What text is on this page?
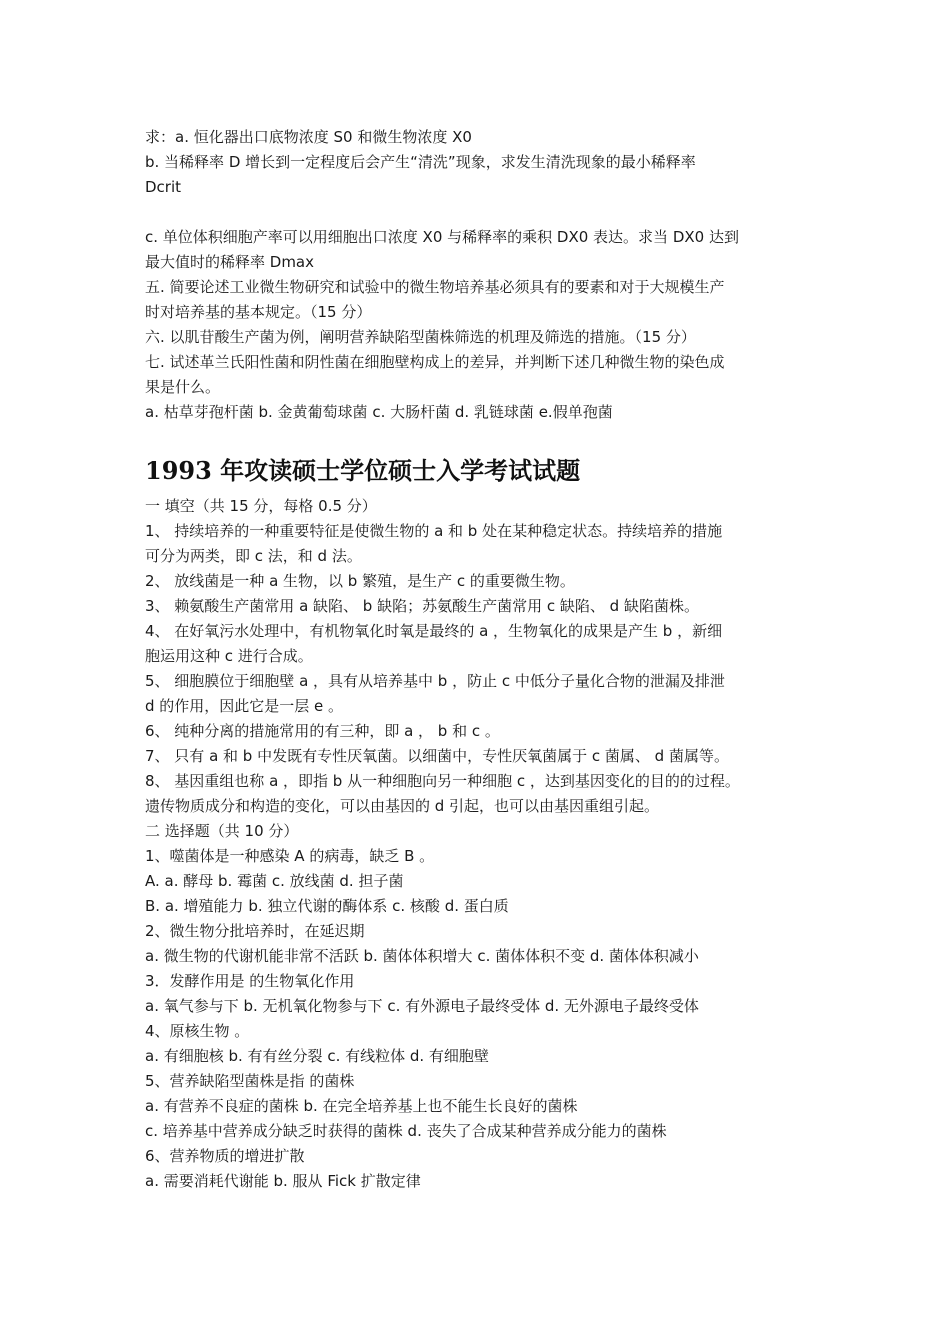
求：a. 恒化器出口底物浓度 S0 和微生物浓度 X0
b. 当稀释率 D 增长到一定程度后会产生“清洗”现象，求发生清洗现象的最小稀释率
Dcrit
c. 单位体积细胞产率可以用细胞出口浓度 X0 与稀释率的乘积 DX0 表达。求当 DX0 达到
最大值时的稀释率 Dmax
五. 简要论述工业微生物研究和试验中的微生物培养基必须具有的要素和对于大规模生产
时对培养基的基本规定。（15 分）
六. 以肌苷酸生产菌为例，阐明营养缺陷型菌株筛选的机理及筛选的措施。（15 分）
七. 试述革兰氏阳性菌和阴性菌在细胞壁构成上的差异，并判断下述几种微生物的染色成
果是什么。
a. 枯草芽孢杆菌 b. 金黄葡萄球菌 c. 大肠杆菌 d. 乳链球菌 e.假单孢菌
1993 年攻读硕士学位硕士入学考试试题
一 填空（共 15 分，每格 0.5 分）
1、 持续培养的一种重要特征是使微生物的 a 和 b 处在某种稳定状态。持续培养的措施
可分为两类，即 c 法，和 d 法。
2、 放线菌是一种 a 生物，以 b 繁殖，是生产 c 的重要微生物。
3、 赖氨酸生产菌常用 a 缺陷、 b 缺陷；苏氨酸生产菌常用 c 缺陷、 d 缺陷菌株。
4、 在好氧污水处理中，有机物氧化时氧是最终的 a ，生物氧化的成果是产生 b ，新细
胞运用这种 c 进行合成。
5、 细胞膜位于细胞壁 a ，具有从培养基中 b ，防止 c 中低分子量化合物的泄漏及排泄
d 的作用，因此它是一层 e 。
6、 纯种分离的措施常用的有三种，即 a ， b 和 c 。
7、 只有 a 和 b 中发既有专性厌氧菌。以细菌中，专性厌氧菌属于 c 菌属、 d 菌属等。
8、 基因重组也称 a ，即指 b 从一种细胞向另一种细胞 c ，达到基因变化的目的的过程。
遗传物质成分和构造的变化，可以由基因的 d 引起，也可以由基因重组引起。
二 选择题（共 10 分）
1、噬菌体是一种感染 A 的病毒，缺乏 B 。
A. a. 酵母 b. 霉菌 c. 放线菌 d. 担子菌
B. a. 增殖能力 b. 独立代谢的酶体系 c. 核酸 d. 蛋白质
2、微生物分批培养时，在延迟期
a. 微生物的代谢机能非常不活跃 b. 菌体体积增大 c. 菌体体积不变 d. 菌体体积减小
3．发酵作用是 的生物氧化作用
a. 氧气参与下 b. 无机氧化物参与下 c. 有外源电子最终受体 d. 无外源电子最终受体
4、原核生物 。
a. 有细胞核 b. 有有丝分裂 c. 有线粒体 d. 有细胞壁
5、营养缺陷型菌株是指 的菌株
a. 有营养不良症的菌株 b. 在完全培养基上也不能生长良好的菌株
c. 培养基中营养成分缺乏时获得的菌株 d. 丧失了合成某种营养成分能力的菌株
6、营养物质的增进扩散
a. 需要消耗代谢能 b. 服从 Fick 扩散定律
